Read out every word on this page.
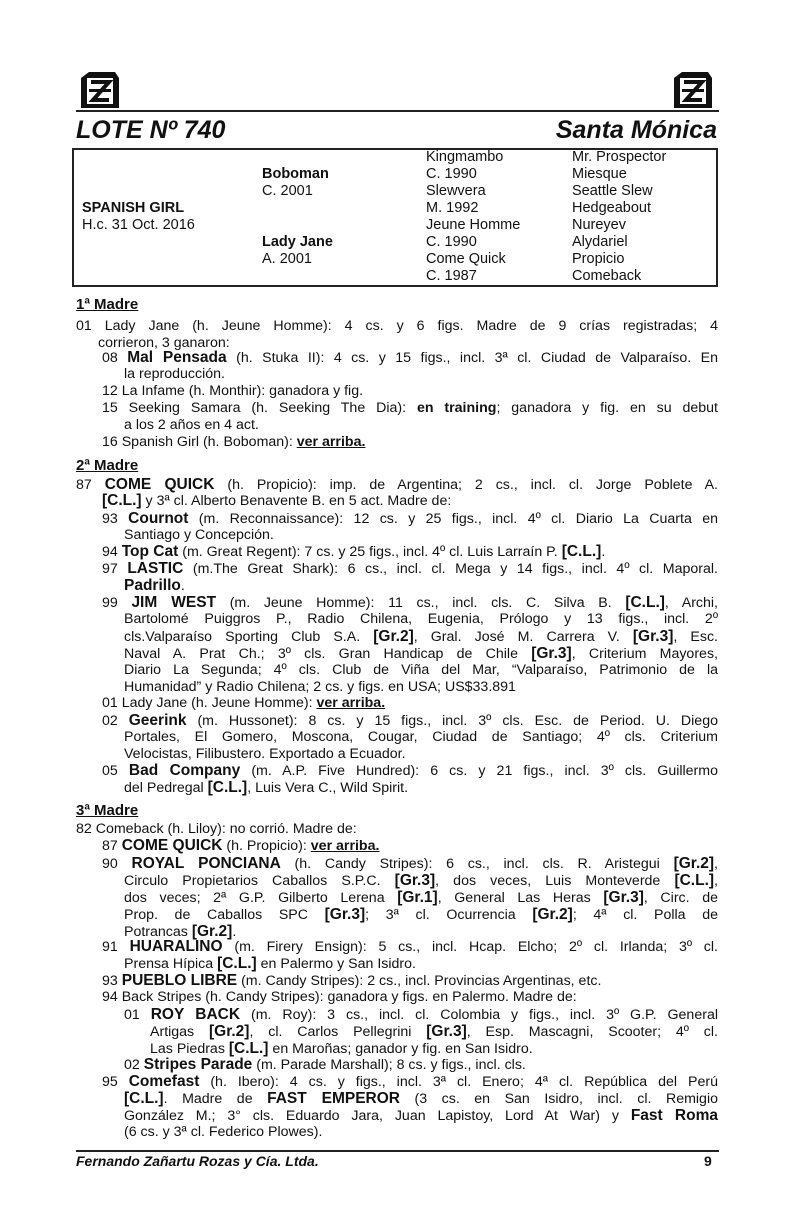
LOTE Nº 740	Santa Mónica
SPANISH GIRL
H.c. 31 Oct. 2016
Boboman
C. 2001
Lady Jane
A. 2001
Kingmambo
C. 1990
Slewvera
M. 1992
Jeune Homme
C. 1990
Come Quick
C. 1987
Mr. Prospector
Miesque
Seattle Slew
Hedgeabout
Nureyev
Alydariel
Propicio
Comeback
1ª Madre
2ª Madre
3ª Madre
01 Lady Jane (h. Jeune Homme): 4 cs. y 6 figs. Madre de 9 crías registradas; 4
corrieron, 3 ganaron:
08 Mal Pensada (h. Stuka II): 4 cs. y 15 figs., incl. 3ª cl. Ciudad de Valparaíso. En
la reproducción.
12 La Infame (h. Monthir): ganadora y fig.
15 Seeking Samara (h. Seeking The Dia): en training; ganadora y fig. en su debut
a los 2 años en 4 act.
16 Spanish Girl (h. Boboman): ver arriba.
87 COME QUICK (h. Propicio): imp. de Argentina; 2 cs., incl. cl. Jorge Poblete A.
[C.L.] y 3ª cl. Alberto Benavente B. en 5 act. Madre de:
93 Cournot (m. Reconnaissance): 12 cs. y 25 figs., incl. 4º cl. Diario La Cuarta en
Santiago y Concepción.
94 Top Cat (m. Great Regent): 7 cs. y 25 figs., incl. 4º cl. Luis Larraín P. [C.L.].
97 LASTIC (m.The Great Shark): 6 cs., incl. cl. Mega y 14 figs., incl. 4º cl. Maporal.
Padrillo.
99 JIM WEST (m. Jeune Homme): 11 cs., incl. cls. C. Silva B. [C.L.], Archi,
Bartolomé Puiggros P., Radio Chilena, Eugenia, Prólogo y 13 figs., incl. 2º
cls.Valparaíso Sporting Club S.A. [Gr.2], Gral. José M. Carrera V. [Gr.3], Esc.
Naval A. Prat Ch.; 3º cls. Gran Handicap de Chile [Gr.3], Criterium Mayores,
Diario La Segunda; 4º cls. Club de Viña del Mar, “Valparaíso, Patrimonio de la
Humanidad” y Radio Chilena; 2 cs. y figs. en USA; US$33.891
01 Lady Jane (h. Jeune Homme): ver arriba.
02 Geerink (m. Hussonet): 8 cs. y 15 figs., incl. 3º cls. Esc. de Period. U. Diego
Portales, El Gomero, Moscona, Cougar, Ciudad de Santiago; 4º cls. Criterium
Velocistas, Filibustero. Exportado a Ecuador.
05 Bad Company (m. A.P. Five Hundred): 6 cs. y 21 figs., incl. 3º cls. Guillermo
del Pedregal [C.L.], Luis Vera C., Wild Spirit.
82 Comeback (h. Liloy): no corrió. Madre de:
87 COME QUICK (h. Propicio): ver arriba.
90 ROYAL PONCIANA (h. Candy Stripes): 6 cs., incl. cls. R. Aristegui [Gr.2],
Circulo Propietarios Caballos S.P.C. [Gr.3], dos veces, Luis Monteverde [C.L.],
dos veces; 2ª G.P. Gilberto Lerena [Gr.1], General Las Heras [Gr.3], Circ. de
Prop. de Caballos SPC [Gr.3]; 3ª cl. Ocurrencia [Gr.2]; 4ª cl. Polla de
Potrancas [Gr.2].
91 HUARALINO (m. Firery Ensign): 5 cs., incl. Hcap. Elcho; 2º cl. Irlanda; 3º cl.
Prensa Hípica [C.L.] en Palermo y San Isidro.
93 PUEBLO LIBRE (m. Candy Stripes): 2 cs., incl. Provincias Argentinas, etc.
94 Back Stripes (h. Candy Stripes): ganadora y figs. en Palermo. Madre de:
01 ROY BACK (m. Roy): 3 cs., incl. cl. Colombia y figs., incl. 3º G.P. General
Artigas [Gr.2], cl. Carlos Pellegrini [Gr.3], Esp. Mascagni, Scooter; 4º cl.
Las Piedras [C.L.] en Maroñas; ganador y fig. en San Isidro.
02 Stripes Parade (m. Parade Marshall); 8 cs. y figs., incl. cls.
95 Comefast (h. Ibero): 4 cs. y figs., incl. 3ª cl. Enero; 4ª cl. República del Perú
[C.L.]. Madre de FAST EMPEROR (3 cs. en San Isidro, incl. cl. Remigio
González M.; 3° cls. Eduardo Jara, Juan Lapistoy, Lord At War) y Fast Roma
(6 cs. y 3ª cl. Federico Plowes).
Fernando Zañartu Rozas y Cía. Ltda.	9
